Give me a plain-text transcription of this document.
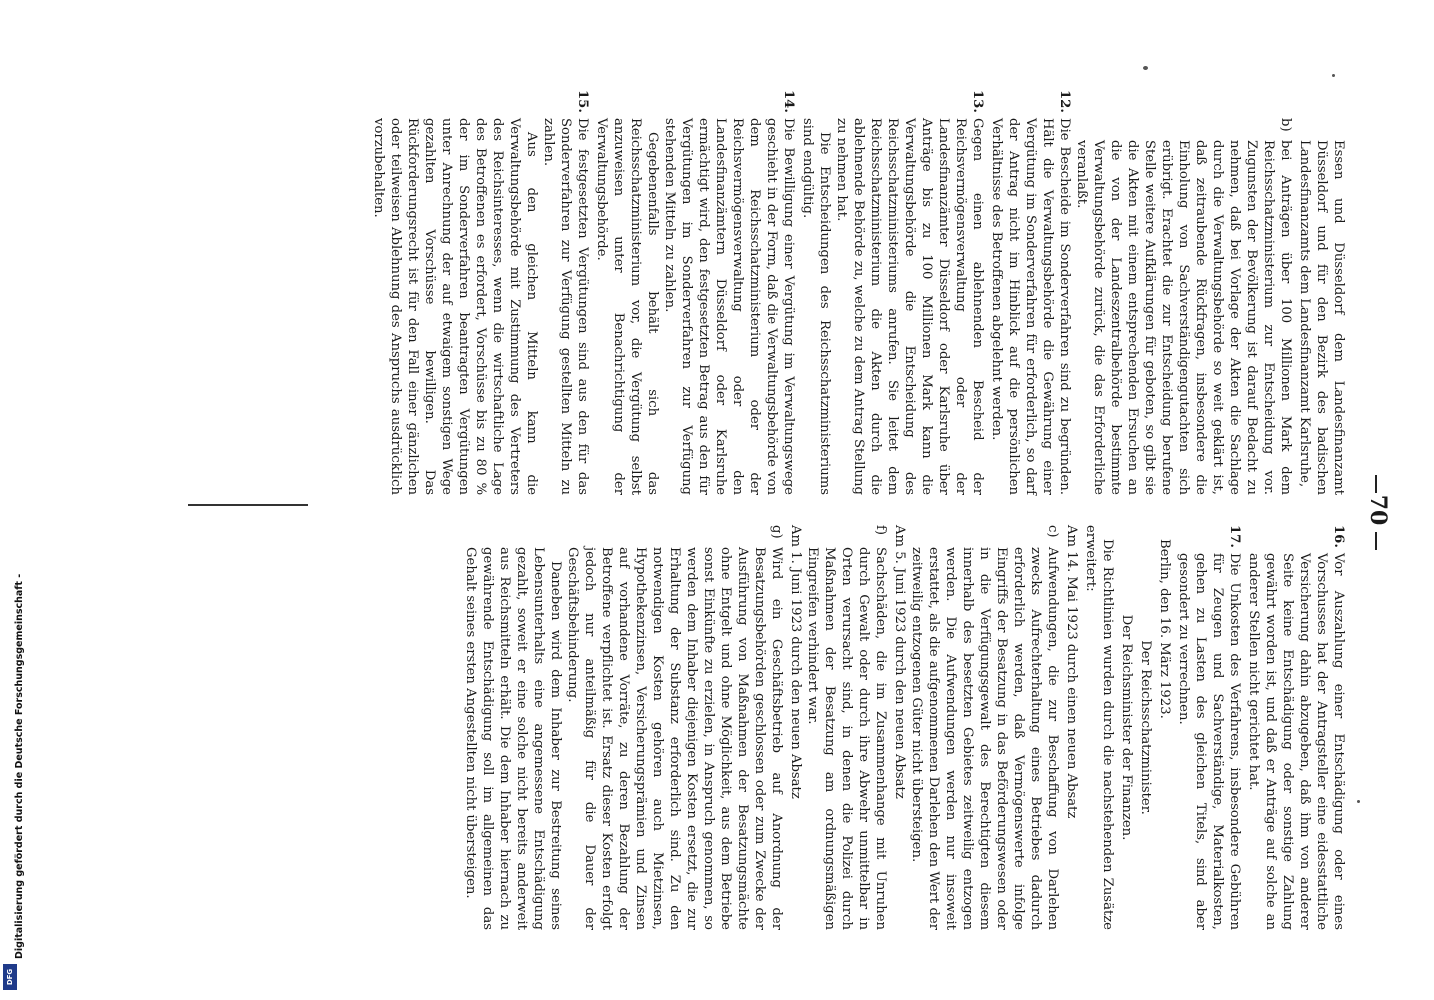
70

Essen und Düsseldorf dem Landesfinanzamt Düsseldorf und für den Bezirk des badischen Landesfinanzamts dem Landesfinanzamt Karlsruhe,

b)
bei Anträgen über 100 Millionen Mark dem Reichsschatzministerium zur Entscheidung vor. Zugunsten der Bevölkerung ist darauf Bedacht zu nehmen, daß bei Vorlage der Akten die Sachlage durch die Verwaltungsbehörde so weit geklärt ist, daß zeitraubende Rückfragen, insbesondere die Einholung von Sachverständigengutachten sich erübrigt. Erachtet die zur Entscheidung berufene Stelle weitere Aufklärungen für geboten, so gibt sie die Akten mit einem entsprechenden Ersuchen an die von der Landeszentralbehörde bestimmte Verwaltungsbehörde zurück, die das Erforderliche veranlaßt.
12.
Die Bescheide im Sonderverfahren sind zu begründen. Hält die Verwaltungsbehörde die Gewährung einer Vergütung im Sonderverfahren für erforderlich, so darf der Antrag nicht im Hinblick auf die persönlichen Verhältnisse des Betroffenen abgelehnt werden.
13.
Gegen einen ablehnenden Bescheid der Reichsvermögensverwaltung oder der Landesfinanzämter Düsseldorf oder Karlsruhe über Anträge bis zu 100 Millionen Mark kann die Verwaltungsbehörde die Entscheidung des Reichsschatzministeriums anrufen. Sie leitet dem Reichsschatzministerium die Akten durch die ablehnende Behörde zu, welche zu dem Antrag Stellung zu nehmen hat.

Die Entscheidungen des Reichsschatzministeriums sind endgültig.

14.
Die Bewilligung einer Vergütung im Verwaltungswege geschieht in der Form, daß die Verwaltungsbehörde von dem Reichsschatzministerium oder der Reichsvermögensverwaltung oder den Landesfinanzämtern Düsseldorf oder Karlsruhe ermächtigt wird, den festgesetzten Betrag aus den für Vergütungen im Sonderverfahren zur Verfügung stehenden Mitteln zu zahlen.

Gegebenenfalls behält sich das Reichsschatzministerium vor, die Vergütung selbst anzuweisen unter Benachrichtigung der Verwaltungsbehörde.

15.
Die festgesetzten Vergütungen sind aus den für das Sonderverfahren zur Verfügung gestellten Mitteln zu zahlen.

Aus den gleichen Mitteln kann die Verwaltungsbehörde mit Zustimmung des Vertreters des Reichsinteresses, wenn die wirtschaftliche Lage des Betroffenen es erfordert, Vorschüsse bis zu 80 % der im Sonderverfahren beantragten Vergütungen unter Anrechnung der auf etwaigem sonstigen Wege gezahlten Vorschüsse bewilligen. Das Rückforderungsrecht ist für den Fall einer gänzlichen oder teilweisen Ablehnung des Anspruchs ausdrücklich vorzubehalten.

16.
Vor Auszahlung einer Entschädigung oder eines Vorschusses hat der Antragsteller eine eidesstattliche Versicherung dahin abzugeben, daß ihm von anderer Seite keine Entschädigung oder sonstige Zahlung gewährt worden ist, und daß er Anträge auf solche an anderer Stellen nicht gerichtet hat.
17.
Die Unkosten des Verfahrens, insbesondere Gebühren für Zeugen und Sachverständige, Materialkosten, gehen zu Lasten des gleichen Titels, sind aber gesondert zu verrechnen.

Berlin, den 16. März 1923.

Der Reichsschatzminister.

Der Reichsminister der Finanzen.

Die Richtlinien wurden durch die nachstehenden Zusätze erweitert:

Am 14. Mai 1923 durch einen neuen Absatz

c)
Aufwendungen, die zur Beschaffung von Darlehen zwecks Aufrechterhaltung eines Betriebes dadurch erforderlich werden, daß Vermögenswerte infolge Eingriffs der Besatzung in das Beförderungswesen oder in die Verfügungsgewalt des Berechtigten diesem innerhalb des besetzten Gebietes zeitweilig entzogen werden. Die Aufwendungen werden nur insoweit erstattet, als die aufgenommenen Darlehen den Wert der zeitweilig entzogenen Güter nicht übersteigen.

Am 5. Juni 1923 durch den neuen Absatz

f)
Sachschäden, die im Zusammenhange mit Unruhen durch Gewalt oder durch ihre Abwehr unmittelbar in Orten verursacht sind, in denen die Polizei durch Maßnahmen der Besatzung am ordnungsmäßigen Eingreifen verhindert war.

Am 1. Juni 1923 durch den neuen Absatz

g)
Wird ein Geschäftsbetrieb auf Anordnung der Besatzungsbehörden geschlossen oder zum Zwecke der Ausführung von Maßnahmen der Besatzungsmächte ohne Entgelt und ohne Möglichkeit, aus dem Betriebe sonst Einkünfte zu erzielen, in Anspruch genommen, so werden dem Inhaber diejenigen Kosten ersetzt, die zur Erhaltung der Substanz erforderlich sind. Zu den notwendigen Kosten gehören auch Mietzinsen, Hypothekenzinsen, Versicherungsprämien und Zinsen auf vorhandene Vorräte, zu deren Bezahlung der Betroffene verpflichtet ist. Ersatz dieser Kosten erfolgt jedoch nur anteilmäßig für die Dauer der Geschäftsbehinderung.

Daneben wird dem Inhaber zur Bestreitung seines Lebensunterhalts eine angemessene Entschädigung gezahlt, soweit er eine solche nicht bereits anderweit aus Reichsmitteln erhält. Die dem Inhaber hiernach zu gewährende Entschädigung soll im allgemeinen das Gehalt seines ersten Angestellten nicht übersteigen.

Digitalisierung gefördert durch die Deutsche Forschungsgemeinschaft -
DFG
